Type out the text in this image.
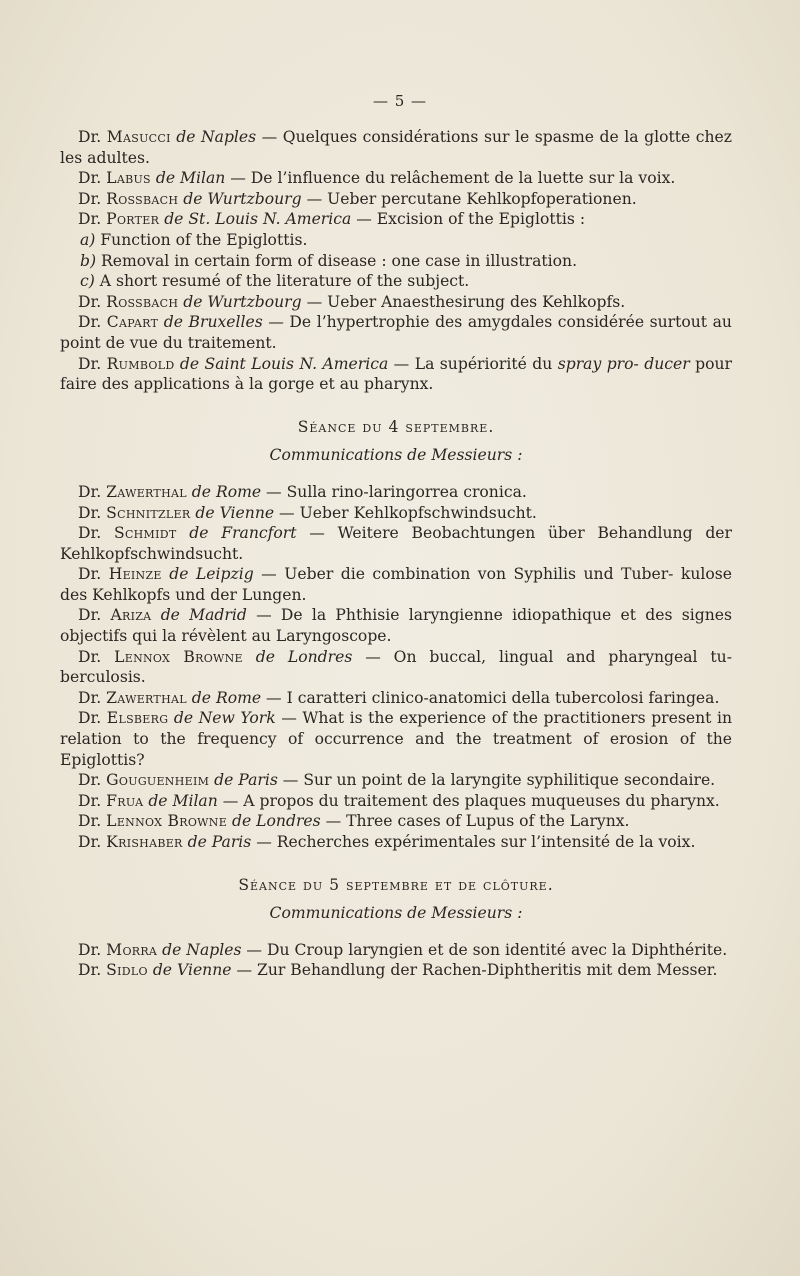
— 5 —

Dr. Masucci de Naples — Quelques considérations sur le spasme de la glotte chez les adultes.

Dr. Labus de Milan — De l’influence du relâchement de la luette sur la voix.

Dr. Rossbach de Wurtzbourg — Ueber percutane Kehlkopfoperationen.

Dr. Porter de St. Louis N. America — Excision of the Epiglottis :

a) Function of the Epiglottis.

b) Removal in certain form of disease : one case in illustration.

c) A short resumé of the literature of the subject.

Dr. Rossbach de Wurtzbourg — Ueber Anaesthesirung des Kehlkopfs.

Dr. Capart de Bruxelles — De l’hypertrophie des amygdales considérée surtout au point de vue du traitement.

Dr. Rumbold de Saint Louis N. America — La supériorité du spray pro- ducer pour faire des applications à la gorge et au pharynx.

Séance du 4 septembre.
Communications de Messieurs :

Dr. Zawerthal de Rome — Sulla rino-laringorrea cronica.

Dr. Schnitzler de Vienne — Ueber Kehlkopfschwindsucht.

Dr. Schmidt de Francfort — Weitere Beobachtungen über Behandlung der Kehlkopfschwindsucht.

Dr. Heinze de Leipzig — Ueber die combination von Syphilis und Tuber- kulose des Kehlkopfs und der Lungen.

Dr. Ariza de Madrid — De la Phthisie laryngienne idiopathique et des signes objectifs qui la révèlent au Laryngoscope.

Dr. Lennox Browne de Londres — On buccal, lingual and pharyngeal tu- berculosis.

Dr. Zawerthal de Rome — I caratteri clinico-anatomici della tubercolosi faringea.

Dr. Elsberg de New York — What is the experience of the practitioners present in relation to the frequency of occurrence and the treatment of erosion of the Epiglottis?

Dr. Gouguenheim de Paris — Sur un point de la laryngite syphilitique secondaire.

Dr. Frua de Milan — A propos du traitement des plaques muqueuses du pharynx.

Dr. Lennox Browne de Londres — Three cases of Lupus of the Larynx.

Dr. Krishaber de Paris — Recherches expérimentales sur l’intensité de la voix.

Séance du 5 septembre et de clôture.
Communications de Messieurs :

Dr. Morra de Naples — Du Croup laryngien et de son identité avec la Diphthérite.

Dr. Sidlo de Vienne — Zur Behandlung der Rachen-Diphtheritis mit dem Messer.
